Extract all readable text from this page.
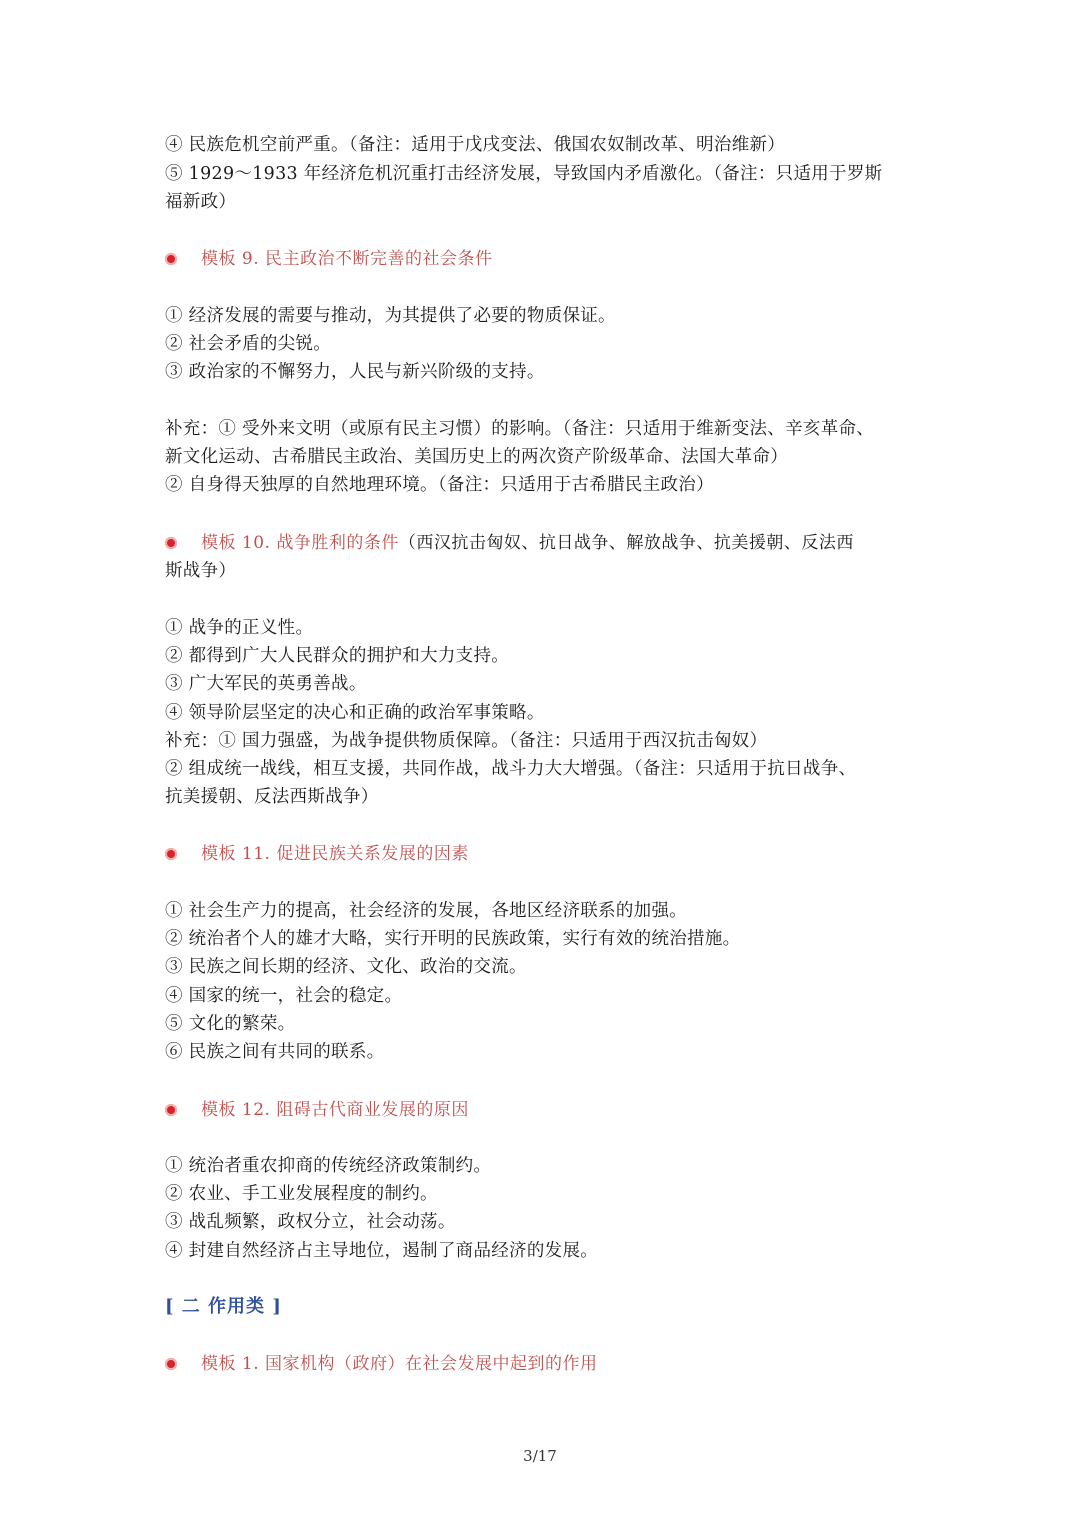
④ 民族危机空前严重。（备注：适用于戊戌变法、俄国农奴制改革、明治维新）
⑤ 1929～1933 年经济危机沉重打击经济发展，导致国内矛盾激化。（备注：只适用于罗斯
福新政）
模板 9. 民主政治不断完善的社会条件
① 经济发展的需要与推动，为其提供了必要的物质保证。
② 社会矛盾的尖锐。
③ 政治家的不懈努力，人民与新兴阶级的支持。
补充：① 受外来文明（或原有民主习惯）的影响。（备注：只适用于维新变法、辛亥革命、
新文化运动、古希腊民主政治、美国历史上的两次资产阶级革命、法国大革命）
② 自身得天独厚的自然地理环境。（备注：只适用于古希腊民主政治）
模板 10. 战争胜利的条件（西汉抗击匈奴、抗日战争、解放战争、抗美援朝、反法西
斯战争）
① 战争的正义性。
② 都得到广大人民群众的拥护和大力支持。
③ 广大军民的英勇善战。
④ 领导阶层坚定的决心和正确的政治军事策略。
补充：① 国力强盛，为战争提供物质保障。（备注：只适用于西汉抗击匈奴）
② 组成统一战线，相互支援，共同作战，战斗力大大增强。（备注：只适用于抗日战争、
抗美援朝、反法西斯战争）
模板 11. 促进民族关系发展的因素
① 社会生产力的提高，社会经济的发展，各地区经济联系的加强。
② 统治者个人的雄才大略，实行开明的民族政策，实行有效的统治措施。
③ 民族之间长期的经济、文化、政治的交流。
④ 国家的统一，社会的稳定。
⑤ 文化的繁荣。
⑥ 民族之间有共同的联系。
模板 12. 阻碍古代商业发展的原因
① 统治者重农抑商的传统经济政策制约。
② 农业、手工业发展程度的制约。
③ 战乱频繁，政权分立，社会动荡。
④ 封建自然经济占主导地位，遏制了商品经济的发展。
[ 二 作用类 ]
模板 1. 国家机构（政府）在社会发展中起到的作用
3/17
